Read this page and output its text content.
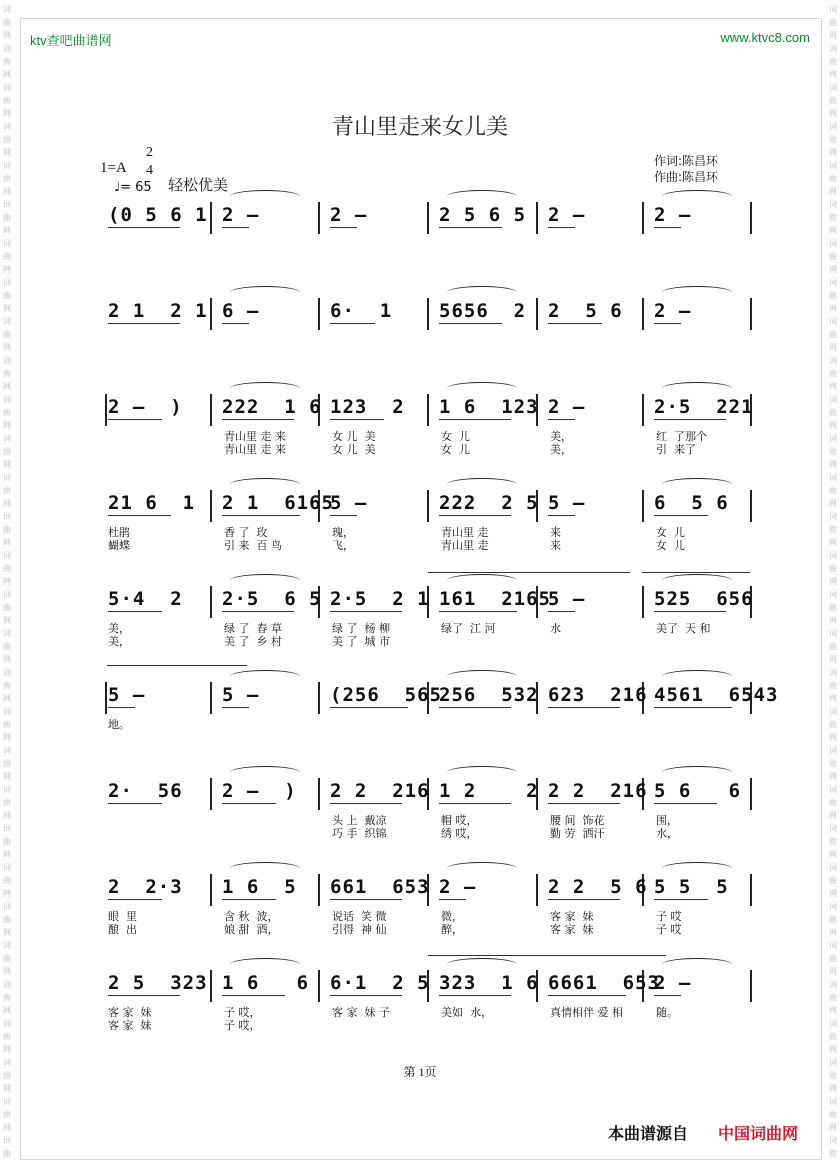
词
曲
网
词
曲
网
词
曲
网
词
曲
网
词
曲
网
词
曲
网
词
曲
网
词
曲
网
词
曲
网
词
曲
网
词
曲
网
词
曲
网
词
曲
网
词
曲
网
词
曲
网
词
曲
网
词
曲
网
词
曲
网
词
曲
网
词
曲
网
词
曲
网
词
曲
网
词
曲
网
词
曲
网
词
曲
网
词
曲
网
词
曲
网
词
曲
网
词
曲
网
词
曲
词
曲
网
词
曲
网
词
曲
网
词
曲
网
词
曲
网
词
曲
网
词
曲
网
词
曲
网
词
曲
网
词
曲
网
词
曲
网
词
曲
网
词
曲
网
词
曲
网
词
曲
网
词
曲
网
词
曲
网
词
曲
网
词
曲
网
词
曲
网
词
曲
网
词
曲
网
词
曲
网
词
曲
网
词
曲
网
词
曲
网
词
曲
网
词
曲
网
词
曲
网
词
曲
ktv查吧曲谱网	www.ktvc8.com
青山里走来女儿美
1=A
2
4
♩= 65 轻松优美
作词:陈昌环
作曲:陈昌环
(0 5 6 1 2 –	2 –	2 5 6 5 2 –	2 –
2 1  2 1 6 –	6·  1 5656  2 2  5 6 2 –
2 –  ) 222  1 6 123  2 1 6  123 2 –	2·5  221
青山里 走 来	女 儿  美	女  儿	美，	红  了那个
青山里 走 来	女 儿  美	女  儿	美，	引  来了
21 6  1 2 1  6165
5 –	222  2 5 5 –	6  5 6
杜鹃	香 了  玫	瑰，	青山里 走	来	女  儿
蝴蝶	引 来  百 鸟	飞，	青山里 走	来	女  儿
5·4  2 2·5  6 5 2·5  2 1 161  2165
5 –	525  656
美，	绿 了  春 草	绿 了  杨 柳	绿了  江 河	水	美了  天 和
美，	美 了  乡 村	美 了  城 市
5 –	5 –	(256  565
256  532 623  216 4561  6543
地。
2·  56 2 –  ) 2 2  216 1 2    2 2 2  216 5 6   6
头 上  戴凉	帽 哎，	腰 间  饰花	围，
巧 手  织锦	绣 哎，	勤 劳  洒汗	水，
2  2·3 1 6  5 661  653 2 –	2 2  5 6 5 5  5
眼  里	含 秋  波，	说话  笑 微	微，	客 家  妹	子 哎
酿  出	娘 甜  酒，	引得  神 仙	醉，	客 家  妹	子 哎
2 5  323 1 6   6 6·1  2 5 323  1 6 6661  653
2 –
客 家  妹	子 哎，	客 家  妹 子	美如  水，	真情相伴 爱 相	随。
客 家  妹	子 哎，
第 1页
本曲谱源自 中国词曲网
